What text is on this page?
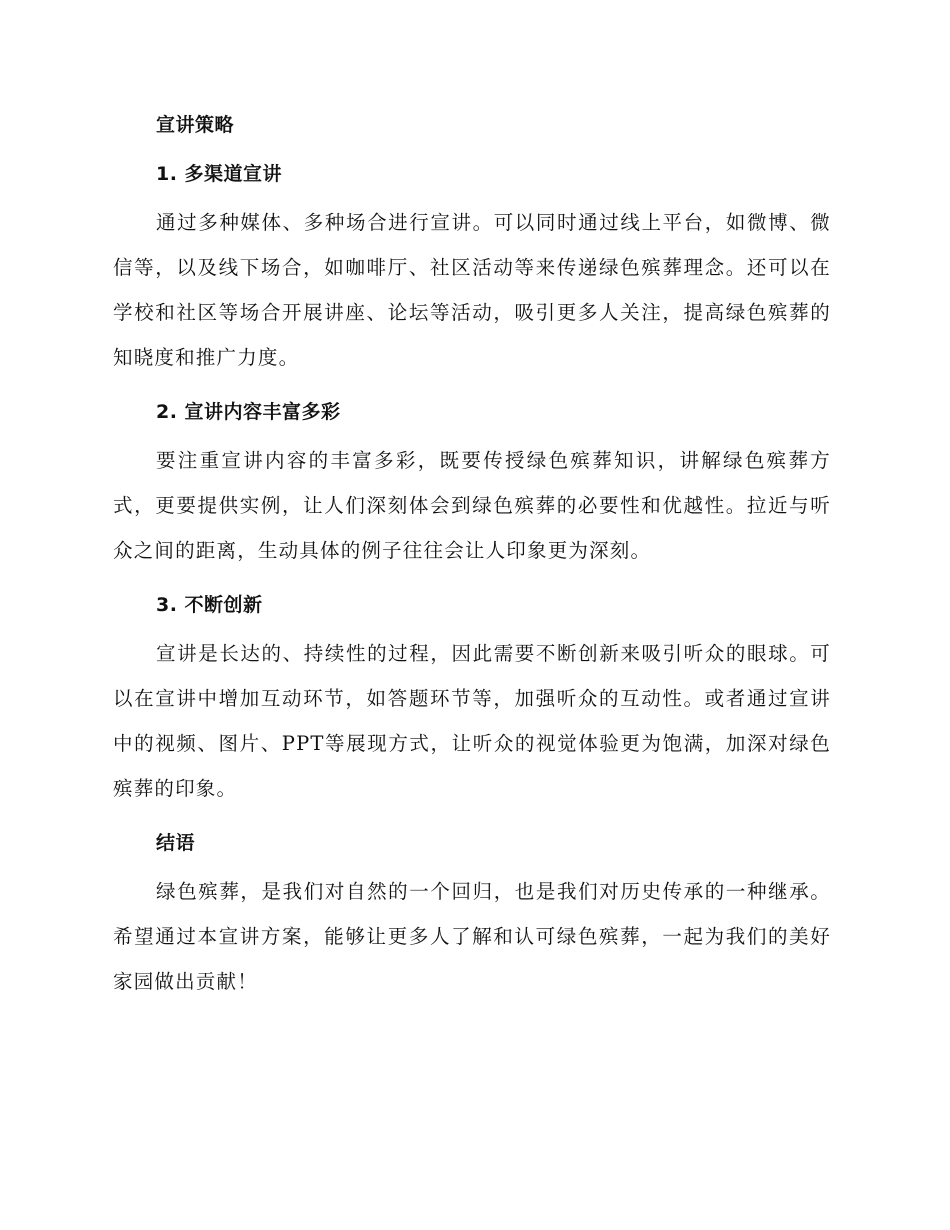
宣讲策略
1. 多渠道宣讲

通过多种媒体、多种场合进行宣讲。可以同时通过线上平台，如微博、微信等，以及线下场合，如咖啡厅、社区活动等来传递绿色殡葬理念。还可以在学校和社区等场合开展讲座、论坛等活动，吸引更多人关注，提高绿色殡葬的知晓度和推广力度。

2. 宣讲内容丰富多彩

要注重宣讲内容的丰富多彩，既要传授绿色殡葬知识，讲解绿色殡葬方式，更要提供实例，让人们深刻体会到绿色殡葬的必要性和优越性。拉近与听众之间的距离，生动具体的例子往往会让人印象更为深刻。

3. 不断创新

宣讲是长达的、持续性的过程，因此需要不断创新来吸引听众的眼球。可以在宣讲中增加互动环节，如答题环节等，加强听众的互动性。或者通过宣讲中的视频、图片、PPT等展现方式，让听众的视觉体验更为饱满，加深对绿色殡葬的印象。

结语

绿色殡葬，是我们对自然的一个回归，也是我们对历史传承的一种继承。希望通过本宣讲方案，能够让更多人了解和认可绿色殡葬，一起为我们的美好家园做出贡献！
